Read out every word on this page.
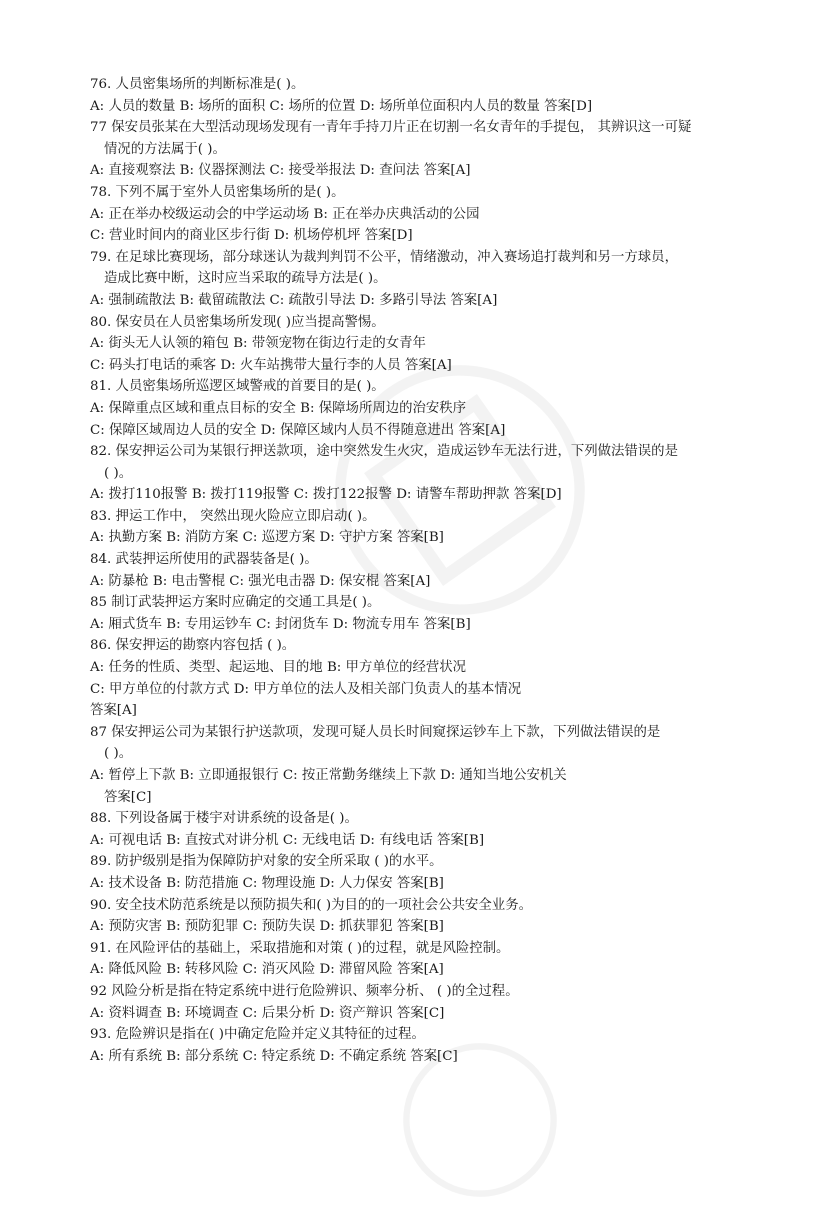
76. 人员密集场所的判断标准是( )。
A: 人员的数量 B: 场所的面积 C: 场所的位置 D: 场所单位面积内人员的数量 答案[D]
77 保安员张某在大型活动现场发现有一青年手持刀片正在切割一名女青年的手提包， 其辨识这一可疑
情况的方法属于( )。
A: 直接观察法 B: 仪器探测法 C: 接受举报法 D: 查问法 答案[A]
78. 下列不属于室外人员密集场所的是( )。
A: 正在举办校级运动会的中学运动场 B: 正在举办庆典活动的公园
C: 营业时间内的商业区步行街 D: 机场停机坪 答案[D]
79. 在足球比赛现场，部分球迷认为裁判判罚不公平，情绪激动，冲入赛场追打裁判和另一方球员，
造成比赛中断，这时应当采取的疏导方法是( )。
A: 强制疏散法 B: 截留疏散法 C: 疏散引导法 D: 多路引导法 答案[A]
80. 保安员在人员密集场所发现( )应当提高警惕。
A: 街头无人认领的箱包 B: 带领宠物在街边行走的女青年
C: 码头打电话的乘客 D: 火车站携带大量行李的人员 答案[A]
81. 人员密集场所巡逻区域警戒的首要目的是( )。
A: 保障重点区域和重点目标的安全 B: 保障场所周边的治安秩序
C: 保障区域周边人员的安全 D: 保障区域内人员不得随意进出 答案[A]
82. 保安押运公司为某银行押送款项，途中突然发生火灾，造成运钞车无法行进，下列做法错误的是
( )。
A: 拨打110报警 B: 拨打119报警 C: 拨打122报警 D: 请警车帮助押款 答案[D]
83. 押运工作中， 突然出现火险应立即启动( )。
A: 执勤方案 B: 消防方案 C: 巡逻方案 D: 守护方案 答案[B]
84. 武装押运所使用的武器装备是( )。
A: 防暴枪 B: 电击警棍 C: 强光电击器 D: 保安棍 答案[A]
85 制订武装押运方案时应确定的交通工具是( )。
A: 厢式货车 B: 专用运钞车 C: 封闭货车 D: 物流专用车 答案[B]
86. 保安押运的勘察内容包括 ( )。
A: 任务的性质、类型、起运地、目的地 B: 甲方单位的经营状况
C: 甲方单位的付款方式 D: 甲方单位的法人及相关部门负责人的基本情况
答案[A]
87 保安押运公司为某银行护送款项，发现可疑人员长时间窥探运钞车上下款，下列做法错误的是
( )。
A: 暂停上下款 B: 立即通报银行 C: 按正常勤务继续上下款 D: 通知当地公安机关
答案[C]
88. 下列设备属于楼宇对讲系统的设备是( )。
A: 可视电话 B: 直按式对讲分机 C: 无线电话 D: 有线电话 答案[B]
89. 防护级别是指为保障防护对象的安全所采取 ( )的水平。
A: 技术设备 B: 防范措施 C: 物理设施 D: 人力保安 答案[B]
90. 安全技术防范系统是以预防损失和( )为目的的一项社会公共安全业务。
A: 预防灾害 B: 预防犯罪 C: 预防失误 D: 抓获罪犯 答案[B]
91. 在风险评估的基础上，采取措施和对策 ( )的过程，就是风险控制。
A: 降低风险 B: 转移风险 C: 消灭风险 D: 滞留风险 答案[A]
92 风险分析是指在特定系统中进行危险辨识、频率分析、 ( )的全过程。
A: 资料调查 B: 环境调查 C: 后果分析 D: 资产辩识 答案[C]
93. 危险辨识是指在( )中确定危险并定义其特征的过程。
A: 所有系统 B: 部分系统 C: 特定系统 D: 不确定系统 答案[C]
